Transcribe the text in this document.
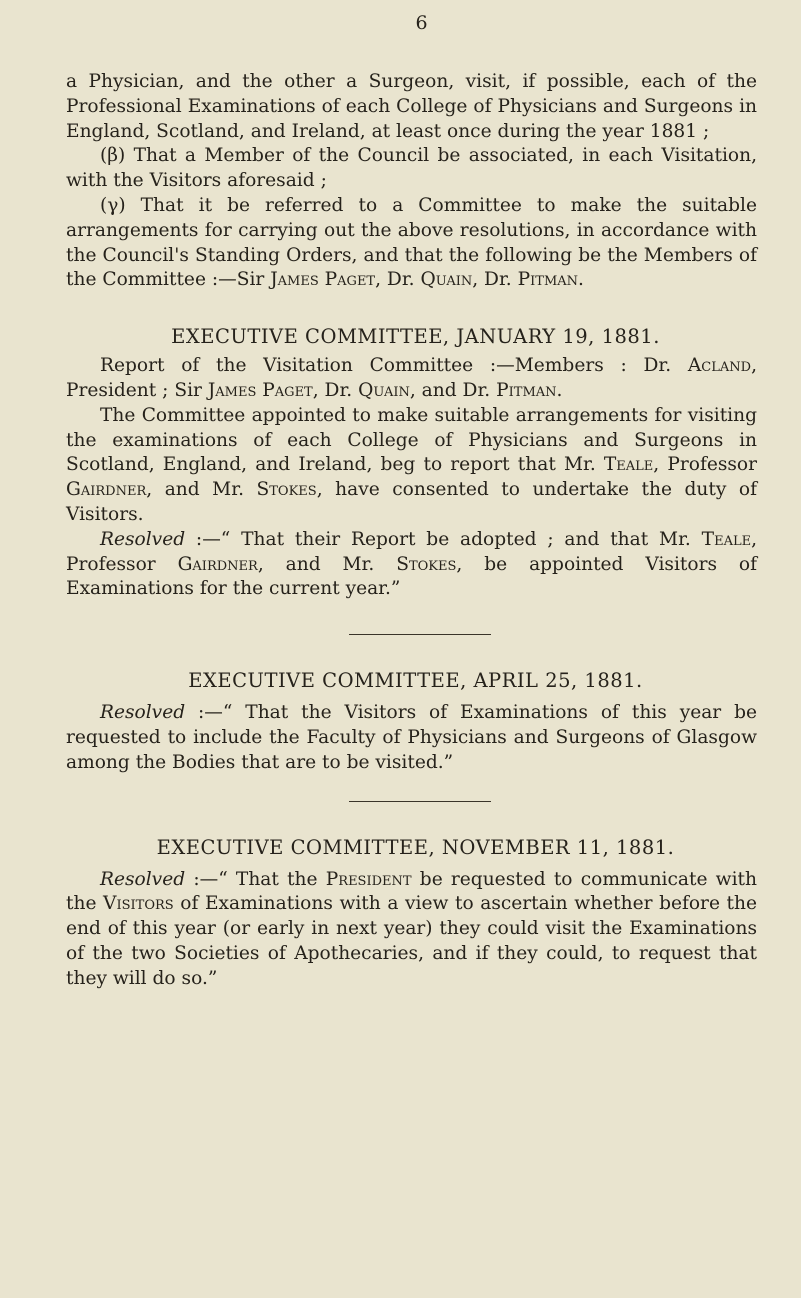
6

a Physician, and the other a Surgeon, visit, if possible, each of the Professional Examinations of each College of Physicians and Surgeons in England, Scotland, and Ireland, at least once during the year 1881 ;

(β) That a Member of the Council be associated, in each Visitation, with the Visitors aforesaid ;

(γ) That it be referred to a Committee to make the suitable arrangements for carrying out the above resolutions, in accordance with the Council's Standing Orders, and that the following be the Members of the Committee :—Sir James Paget, Dr. Quain, Dr. Pitman.

EXECUTIVE COMMITTEE, JANUARY 19, 1881.

Report of the Visitation Committee :—Members : Dr. Acland, President ; Sir James Paget, Dr. Quain, and Dr. Pitman.

The Committee appointed to make suitable arrangements for visiting the examinations of each College of Physicians and Surgeons in Scotland, England, and Ireland, beg to report that Mr. Teale, Professor Gairdner, and Mr. Stokes, have consented to undertake the duty of Visitors.

Resolved :—“ That their Report be adopted ; and that Mr. Teale, Professor Gairdner, and Mr. Stokes, be appointed Visitors of Examinations for the current year.”

EXECUTIVE COMMITTEE, APRIL 25, 1881.

Resolved :—“ That the Visitors of Examinations of this year be requested to include the Faculty of Physicians and Surgeons of Glasgow among the Bodies that are to be visited.”

EXECUTIVE COMMITTEE, NOVEMBER 11, 1881.

Resolved :—“ That the President be requested to communicate with the Visitors of Examinations with a view to ascertain whether before the end of this year (or early in next year) they could visit the Examinations of the two Societies of Apothecaries, and if they could, to request that they will do so.”
